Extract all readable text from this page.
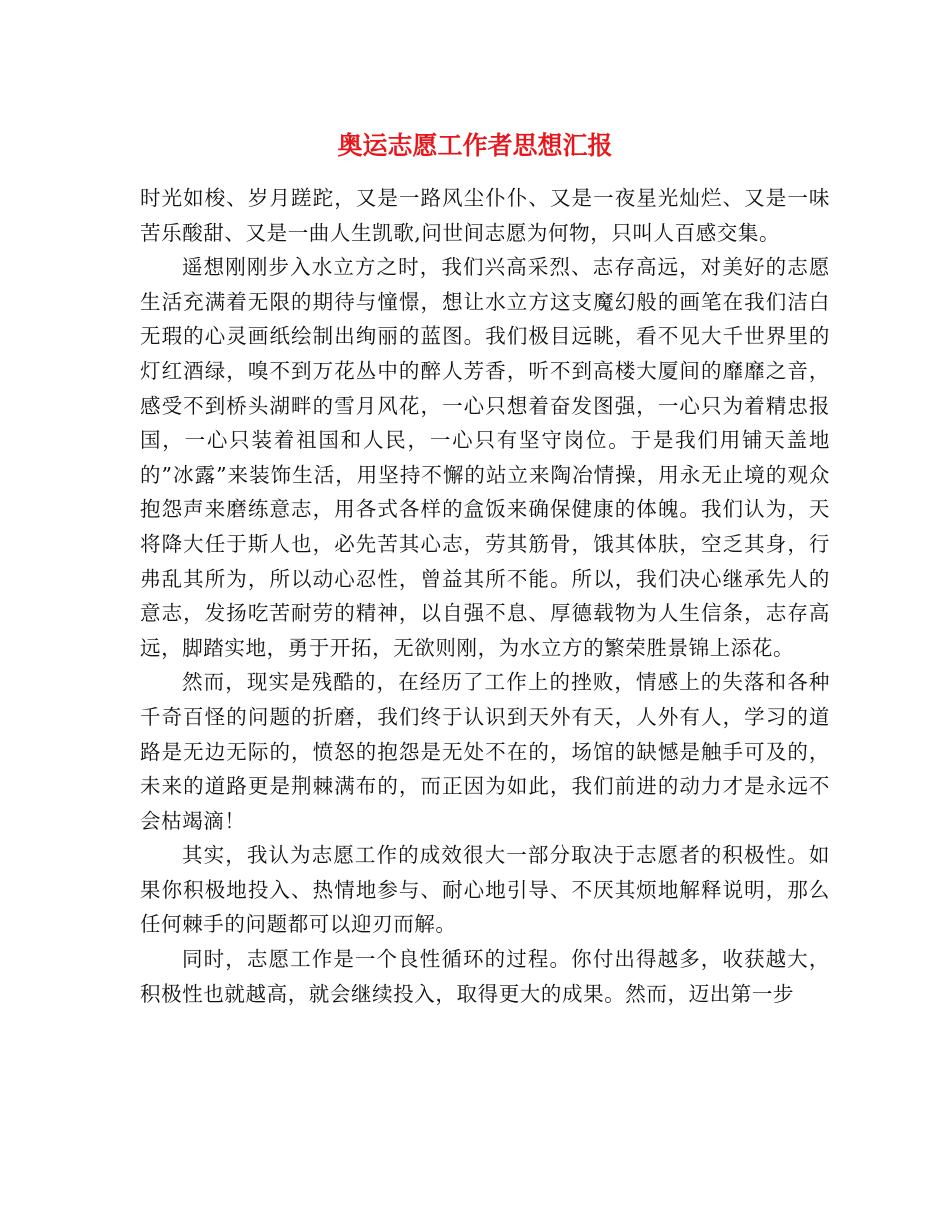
奥运志愿工作者思想汇报

时光如梭、岁月蹉跎，又是一路风尘仆仆、又是一夜星光灿烂、又是一味苦乐酸甜、又是一曲人生凯歌,问世间志愿为何物，只叫人百感交集。

遥想刚刚步入水立方之时，我们兴高采烈、志存高远，对美好的志愿生活充满着无限的期待与憧憬，想让水立方这支魔幻般的画笔在我们洁白无瑕的心灵画纸绘制出绚丽的蓝图。我们极目远眺，看不见大千世界里的灯红酒绿，嗅不到万花丛中的醉人芳香，听不到高楼大厦间的靡靡之音，感受不到桥头湖畔的雪月风花，一心只想着奋发图强，一心只为着精忠报国，一心只装着祖国和人民，一心只有坚守岗位。于是我们用铺天盖地的”冰露”来装饰生活，用坚持不懈的站立来陶冶情操，用永无止境的观众抱怨声来磨练意志，用各式各样的盒饭来确保健康的体魄。我们认为，天将降大任于斯人也，必先苦其心志，劳其筋骨，饿其体肤，空乏其身，行弗乱其所为，所以动心忍性，曾益其所不能。所以，我们决心继承先人的意志，发扬吃苦耐劳的精神，以自强不息、厚德载物为人生信条，志存高远，脚踏实地，勇于开拓，无欲则刚，为水立方的繁荣胜景锦上添花。

然而，现实是残酷的，在经历了工作上的挫败，情感上的失落和各种千奇百怪的问题的折磨，我们终于认识到天外有天，人外有人，学习的道路是无边无际的，愤怒的抱怨是无处不在的，场馆的缺憾是触手可及的，未来的道路更是荆棘满布的，而正因为如此，我们前进的动力才是永远不会枯竭滴！

其实，我认为志愿工作的成效很大一部分取决于志愿者的积极性。如果你积极地投入、热情地参与、耐心地引导、不厌其烦地解释说明，那么任何棘手的问题都可以迎刃而解。

同时，志愿工作是一个良性循环的过程。你付出得越多，收获越大，积极性也就越高，就会继续投入，取得更大的成果。然而，迈出第一步
